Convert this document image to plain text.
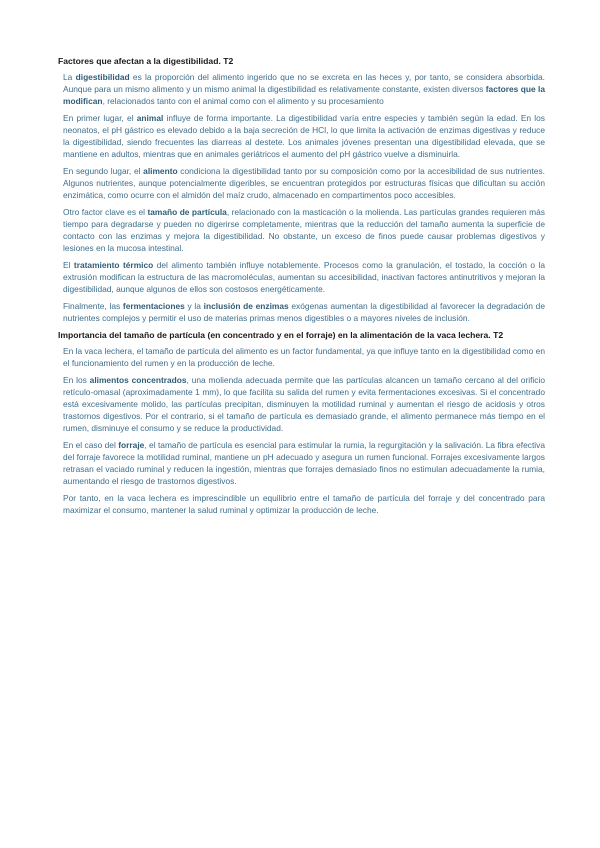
Factores que afectan a la digestibilidad. T2

La digestibilidad es la proporción del alimento ingerido que no se excreta en las heces y, por tanto, se considera absorbida. Aunque para un mismo alimento y un mismo animal la digestibilidad es relativamente constante, existen diversos factores que la modifican, relacionados tanto con el animal como con el alimento y su procesamiento

En primer lugar, el animal influye de forma importante. La digestibilidad varía entre especies y también según la edad. En los neonatos, el pH gástrico es elevado debido a la baja secreción de HCl, lo que limita la activación de enzimas digestivas y reduce la digestibilidad, siendo frecuentes las diarreas al destete. Los animales jóvenes presentan una digestibilidad elevada, que se mantiene en adultos, mientras que en animales geriátricos el aumento del pH gástrico vuelve a disminuirla.

En segundo lugar, el alimento condiciona la digestibilidad tanto por su composición como por la accesibilidad de sus nutrientes. Algunos nutrientes, aunque potencialmente digeribles, se encuentran protegidos por estructuras físicas que dificultan su acción enzimática, como ocurre con el almidón del maíz crudo, almacenado en compartimentos poco accesibles.

Otro factor clave es el tamaño de partícula, relacionado con la masticación o la molienda. Las partículas grandes requieren más tiempo para degradarse y pueden no digerirse completamente, mientras que la reducción del tamaño aumenta la superficie de contacto con las enzimas y mejora la digestibilidad. No obstante, un exceso de finos puede causar problemas digestivos y lesiones en la mucosa intestinal.

El tratamiento térmico del alimento también influye notablemente. Procesos como la granulación, el tostado, la cocción o la extrusión modifican la estructura de las macromoléculas, aumentan su accesibilidad, inactivan factores antinutritivos y mejoran la digestibilidad, aunque algunos de ellos son costosos energéticamente.

Finalmente, las fermentaciones y la inclusión de enzimas exógenas aumentan la digestibilidad al favorecer la degradación de nutrientes complejos y permitir el uso de materias primas menos digestibles o a mayores niveles de inclusión.

Importancia del tamaño de partícula (en concentrado y en el forraje) en la alimentación de la vaca lechera. T2

En la vaca lechera, el tamaño de partícula del alimento es un factor fundamental, ya que influye tanto en la digestibilidad como en el funcionamiento del rumen y en la producción de leche.

En los alimentos concentrados, una molienda adecuada permite que las partículas alcancen un tamaño cercano al del orificio retículo-omasal (aproximadamente 1 mm), lo que facilita su salida del rumen y evita fermentaciones excesivas. Si el concentrado está excesivamente molido, las partículas precipitan, disminuyen la motilidad ruminal y aumentan el riesgo de acidosis y otros trastornos digestivos. Por el contrario, si el tamaño de partícula es demasiado grande, el alimento permanece más tiempo en el rumen, disminuye el consumo y se reduce la productividad.

En el caso del forraje, el tamaño de partícula es esencial para estimular la rumia, la regurgitación y la salivación. La fibra efectiva del forraje favorece la motilidad ruminal, mantiene un pH adecuado y asegura un rumen funcional. Forrajes excesivamente largos retrasan el vaciado ruminal y reducen la ingestión, mientras que forrajes demasiado finos no estimulan adecuadamente la rumia, aumentando el riesgo de trastornos digestivos.

Por tanto, en la vaca lechera es imprescindible un equilibrio entre el tamaño de partícula del forraje y del concentrado para maximizar el consumo, mantener la salud ruminal y optimizar la producción de leche.
